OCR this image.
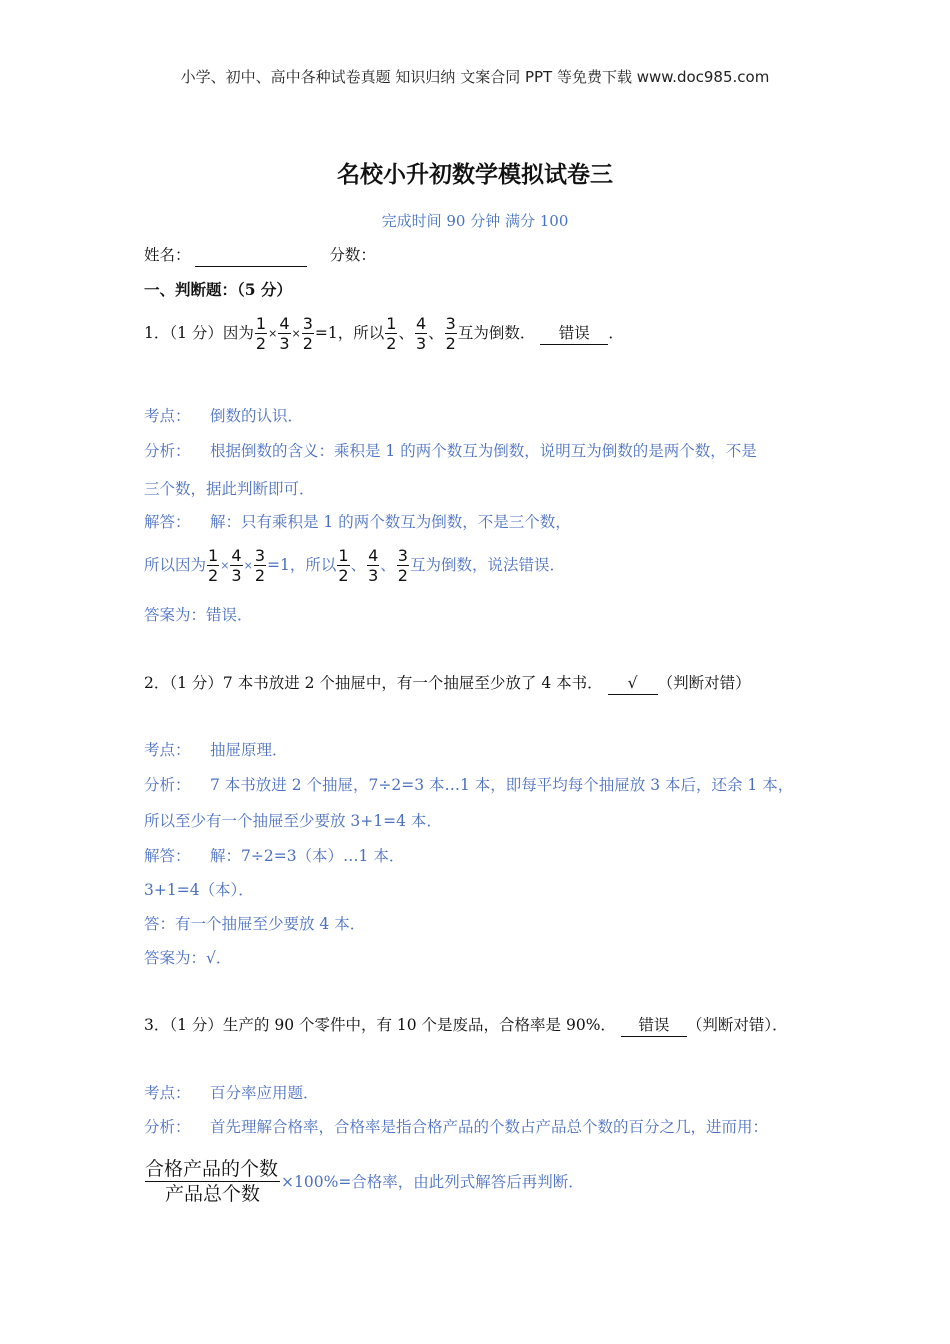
小学、初中、高中各种试卷真题 知识归纳 文案合同 PPT 等免费下载 www.doc985.com
名校小升初数学模拟试卷三
完成时间 90 分钟 满分 100
姓名：	分数：
一、判断题：（5 分）
1．（1 分）因为 $\frac{1}{2} \times \frac{4}{3} \times \frac{3}{2} =1$，所以 $\frac{1}{2}$ 、 $\frac{4}{3}$ 、 $\frac{3}{2}$ 互为倒数． 错误 ．
考点： 倒数的认识．
分析： 根据倒数的含义：乘积是 1 的两个数互为倒数，说明互为倒数的是两个数，不是
三个数，据此判断即可．
解答： 解：只有乘积是 1 的两个数互为倒数，不是三个数，
所以因为 $\frac{1}{2} \times \frac{4}{3} \times \frac{3}{2} =1$，所以 $\frac{1}{2}$ 、 $\frac{4}{3}$ 、 $\frac{3}{2}$ 互为倒数，说法错误．
答案为：错误．
2．（1 分）7 本书放进 2 个抽屉中，有一个抽屉至少放了 4 本书． √ （判断对错）
考点： 抽屉原理．
分析： 7 本书放进 2 个抽屉，7÷2=3 本…1 本，即每平均每个抽屉放 3 本后，还余 1 本，
所以至少有一个抽屉至少要放 3+1=4 本．
解答： 解：7÷2=3（本）…1 本．
3+1=4（本）．
答：有一个抽屉至少要放 4 本．
答案为：√．
3．（1 分）生产的 90 个零件中，有 10 个是废品，合格率是 90%． 错误 （判断对错）．
考点： 百分率应用题．
分析： 首先理解合格率，合格率是指合格产品的个数占产品总个数的百分之几，进而用：
$\frac{\text{合格产品的个数}}{\text{产品总个数}} \times 100\%=$合格率，由此列式解答后再判断．
